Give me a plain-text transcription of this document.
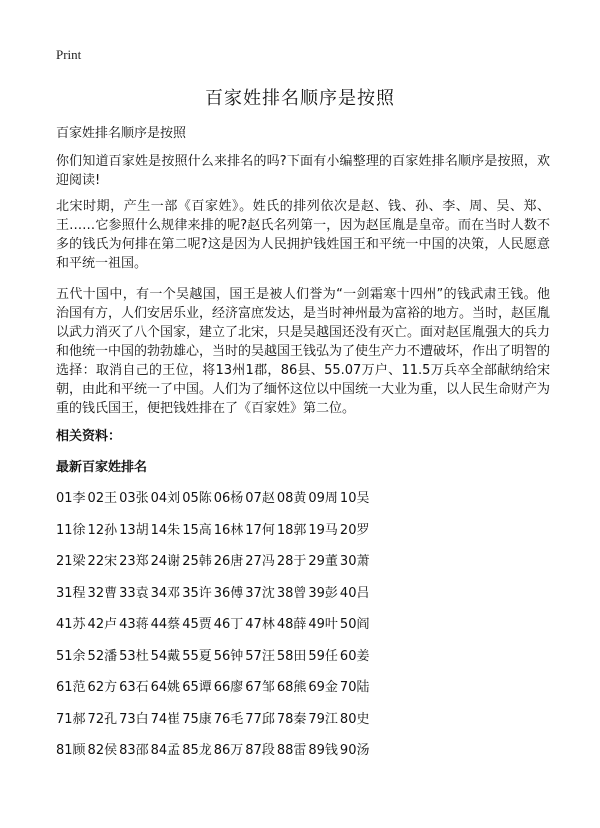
Print
百家姓排名顺序是按照

百家姓排名顺序是按照

你们知道百家姓是按照什么来排名的吗?下面有小编整理的百家姓排名顺序是按照，欢迎阅读!

北宋时期，产生一部《百家姓》。姓氏的排列依次是赵、钱、孙、李、周、吴、郑、王……它参照什么规律来排的呢?赵氏名列第一，因为赵匡胤是皇帝。而在当时人数不多的钱氏为何排在第二呢?这是因为人民拥护钱姓国王和平统一中国的决策，人民愿意和平统一祖国。

五代十国中，有一个吴越国，国王是被人们誉为“一剑霜寒十四州”的钱武肃王钱。他治国有方，人们安居乐业，经济富庶发达，是当时神州最为富裕的地方。当时，赵匡胤以武力消灭了八个国家，建立了北宋，只是吴越国还没有灭亡。面对赵匡胤强大的兵力和他统一中国的勃勃雄心，当时的吴越国王钱弘为了使生产力不遭破坏，作出了明智的选择：取消自己的王位，将13州1郡，86县、55.07万户、11.5万兵卒全部献纳给宋朝，由此和平统一了中国。人们为了缅怀这位以中国统一大业为重，以人民生命财产为重的钱氏国王，便把钱姓排在了《百家姓》第二位。

相关资料：

最新百家姓排名

01李 02王 03张 04刘 05陈 06杨 07赵 08黄 09周 10吴
11徐 12孙 13胡 14朱 15高 16林 17何 18郭 19马 20罗
21梁 22宋 23郑 24谢 25韩 26唐 27冯 28于 29董 30萧
31程 32曹 33袁 34邓 35许 36傅 37沈 38曾 39彭 40吕
41苏 42卢 43蒋 44蔡 45贾 46丁 47林 48薛 49叶 50阎
51余 52潘 53杜 54戴 55夏 56钟 57汪 58田 59任 60姜
61范 62方 63石 64姚 65谭 66廖 67邹 68熊 69金 70陆
71郝 72孔 73白 74崔 75康 76毛 77邱 78秦 79江 80史
81顾 82侯 83邵 84孟 85龙 86万 87段 88雷 89钱 90汤
